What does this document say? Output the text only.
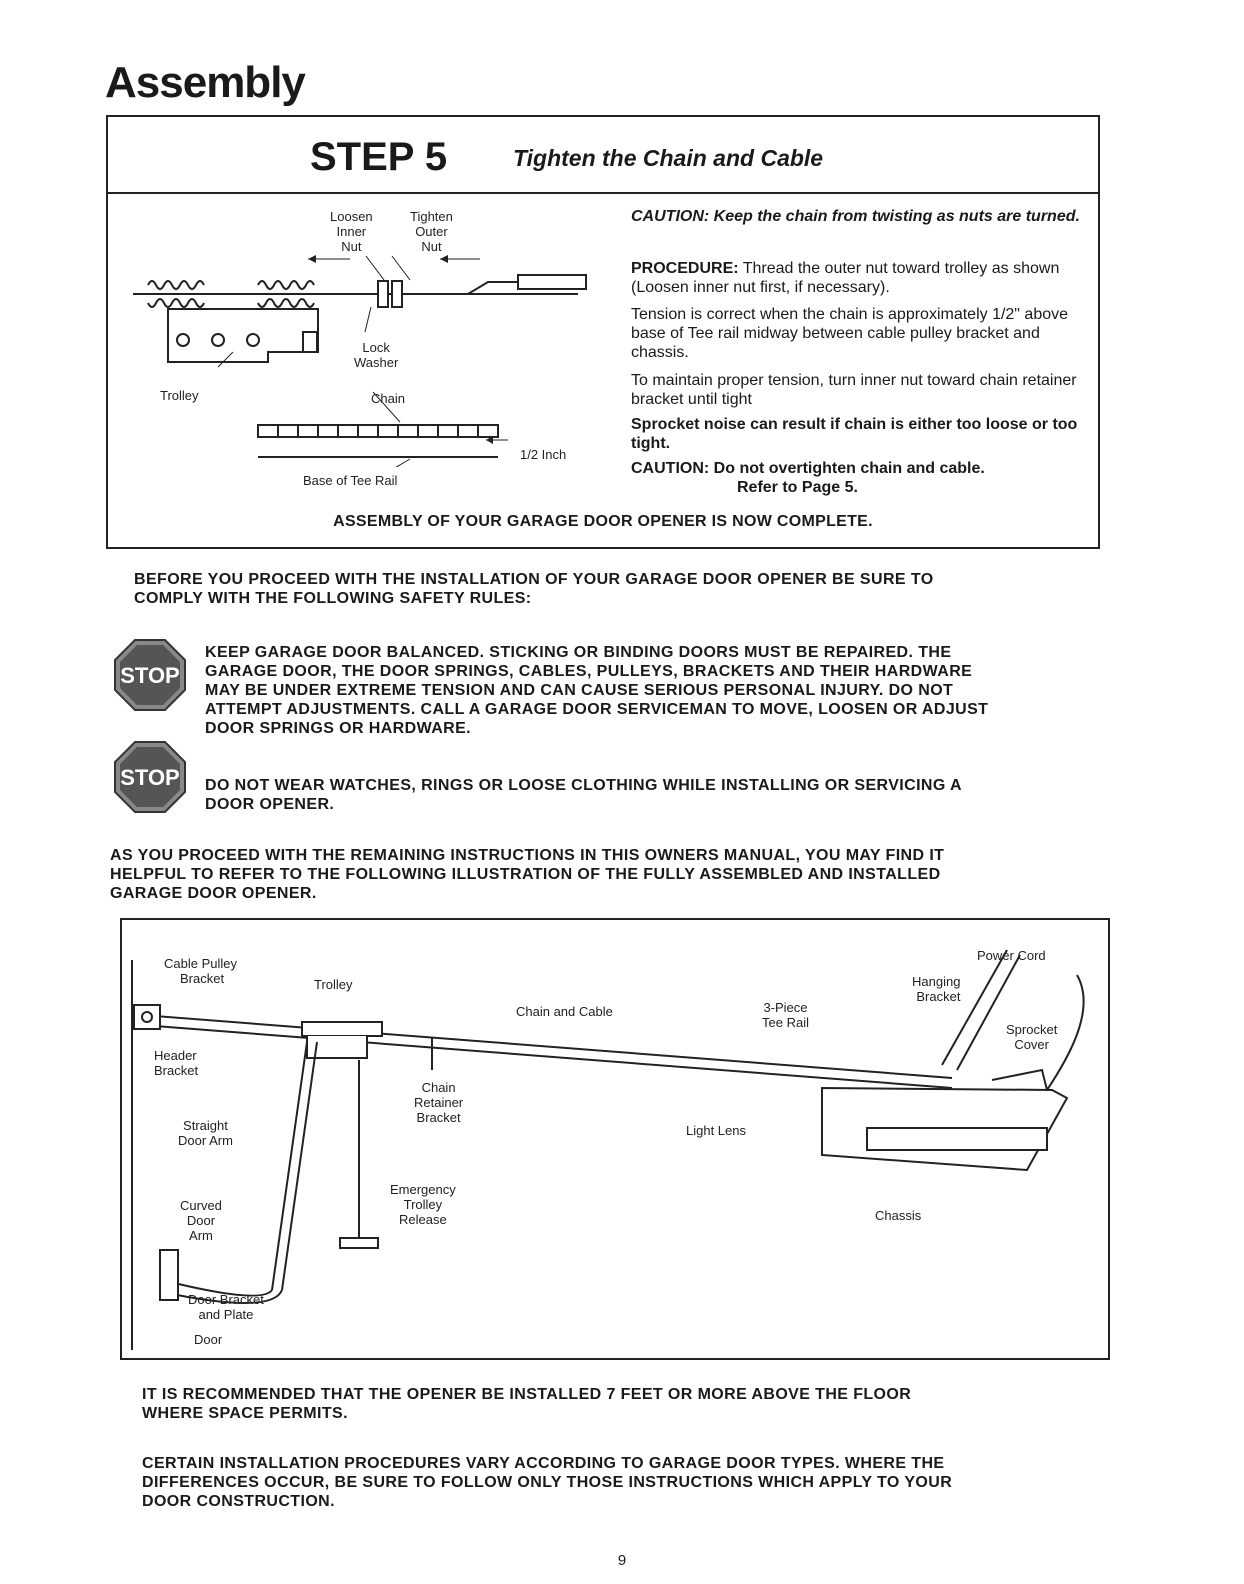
Assembly
STEP 5	Tighten the Chain and Cable
Loosen
Inner
Nut
Tighten
Outer
Nut
Lock
Washer
Trolley	Chain
1/2 Inch
Base of Tee Rail
CAUTION: Keep the chain from twisting as nuts are turned.
PROCEDURE: Thread the outer nut toward trolley as shown (Loosen inner nut first, if necessary).
Tension is correct when the chain is approximately 1/2" above base of Tee rail midway between cable pulley bracket and chassis.
To maintain proper tension, turn inner nut toward chain retainer bracket until tight
Sprocket noise can result if chain is either too loose or too tight.
CAUTION: Do not overtighten chain and cable.
Refer to Page 5.
ASSEMBLY OF YOUR GARAGE DOOR OPENER IS NOW COMPLETE.
BEFORE YOU PROCEED WITH THE INSTALLATION OF YOUR GARAGE DOOR OPENER BE SURE TO
COMPLY WITH THE FOLLOWING SAFETY RULES:
STOP
KEEP GARAGE DOOR BALANCED. STICKING OR BINDING DOORS MUST BE REPAIRED. THE
GARAGE DOOR, THE DOOR SPRINGS, CABLES, PULLEYS, BRACKETS AND THEIR HARDWARE
MAY BE UNDER EXTREME TENSION AND CAN CAUSE SERIOUS PERSONAL INJURY. DO NOT
ATTEMPT ADJUSTMENTS. CALL A GARAGE DOOR SERVICEMAN TO MOVE, LOOSEN OR ADJUST
DOOR SPRINGS OR HARDWARE.
STOP DO NOT WEAR WATCHES, RINGS OR LOOSE CLOTHING WHILE INSTALLING OR SERVICING A
DOOR OPENER.
AS YOU PROCEED WITH THE REMAINING INSTRUCTIONS IN THIS OWNERS MANUAL, YOU MAY FIND IT
HELPFUL TO REFER TO THE FOLLOWING ILLUSTRATION OF THE FULLY ASSEMBLED AND INSTALLED
GARAGE DOOR OPENER.
Cable Pulley
Bracket	Trolley
Chain and Cable	3-Piece
Tee Rail
Power Cord
Hanging
Bracket
Sprocket
Cover
Header
Bracket
Chain
Retainer
Bracket
Straight
Door Arm
Light Lens
Curved
Door
Arm
Emergency
Trolley
Release	Chassis
Door Bracket
and Plate
Door
IT IS RECOMMENDED THAT THE OPENER BE INSTALLED 7 FEET OR MORE ABOVE THE FLOOR
WHERE SPACE PERMITS.
CERTAIN INSTALLATION PROCEDURES VARY ACCORDING TO GARAGE DOOR TYPES. WHERE THE
DIFFERENCES OCCUR, BE SURE TO FOLLOW ONLY THOSE INSTRUCTIONS WHICH APPLY TO YOUR
DOOR CONSTRUCTION.
9
